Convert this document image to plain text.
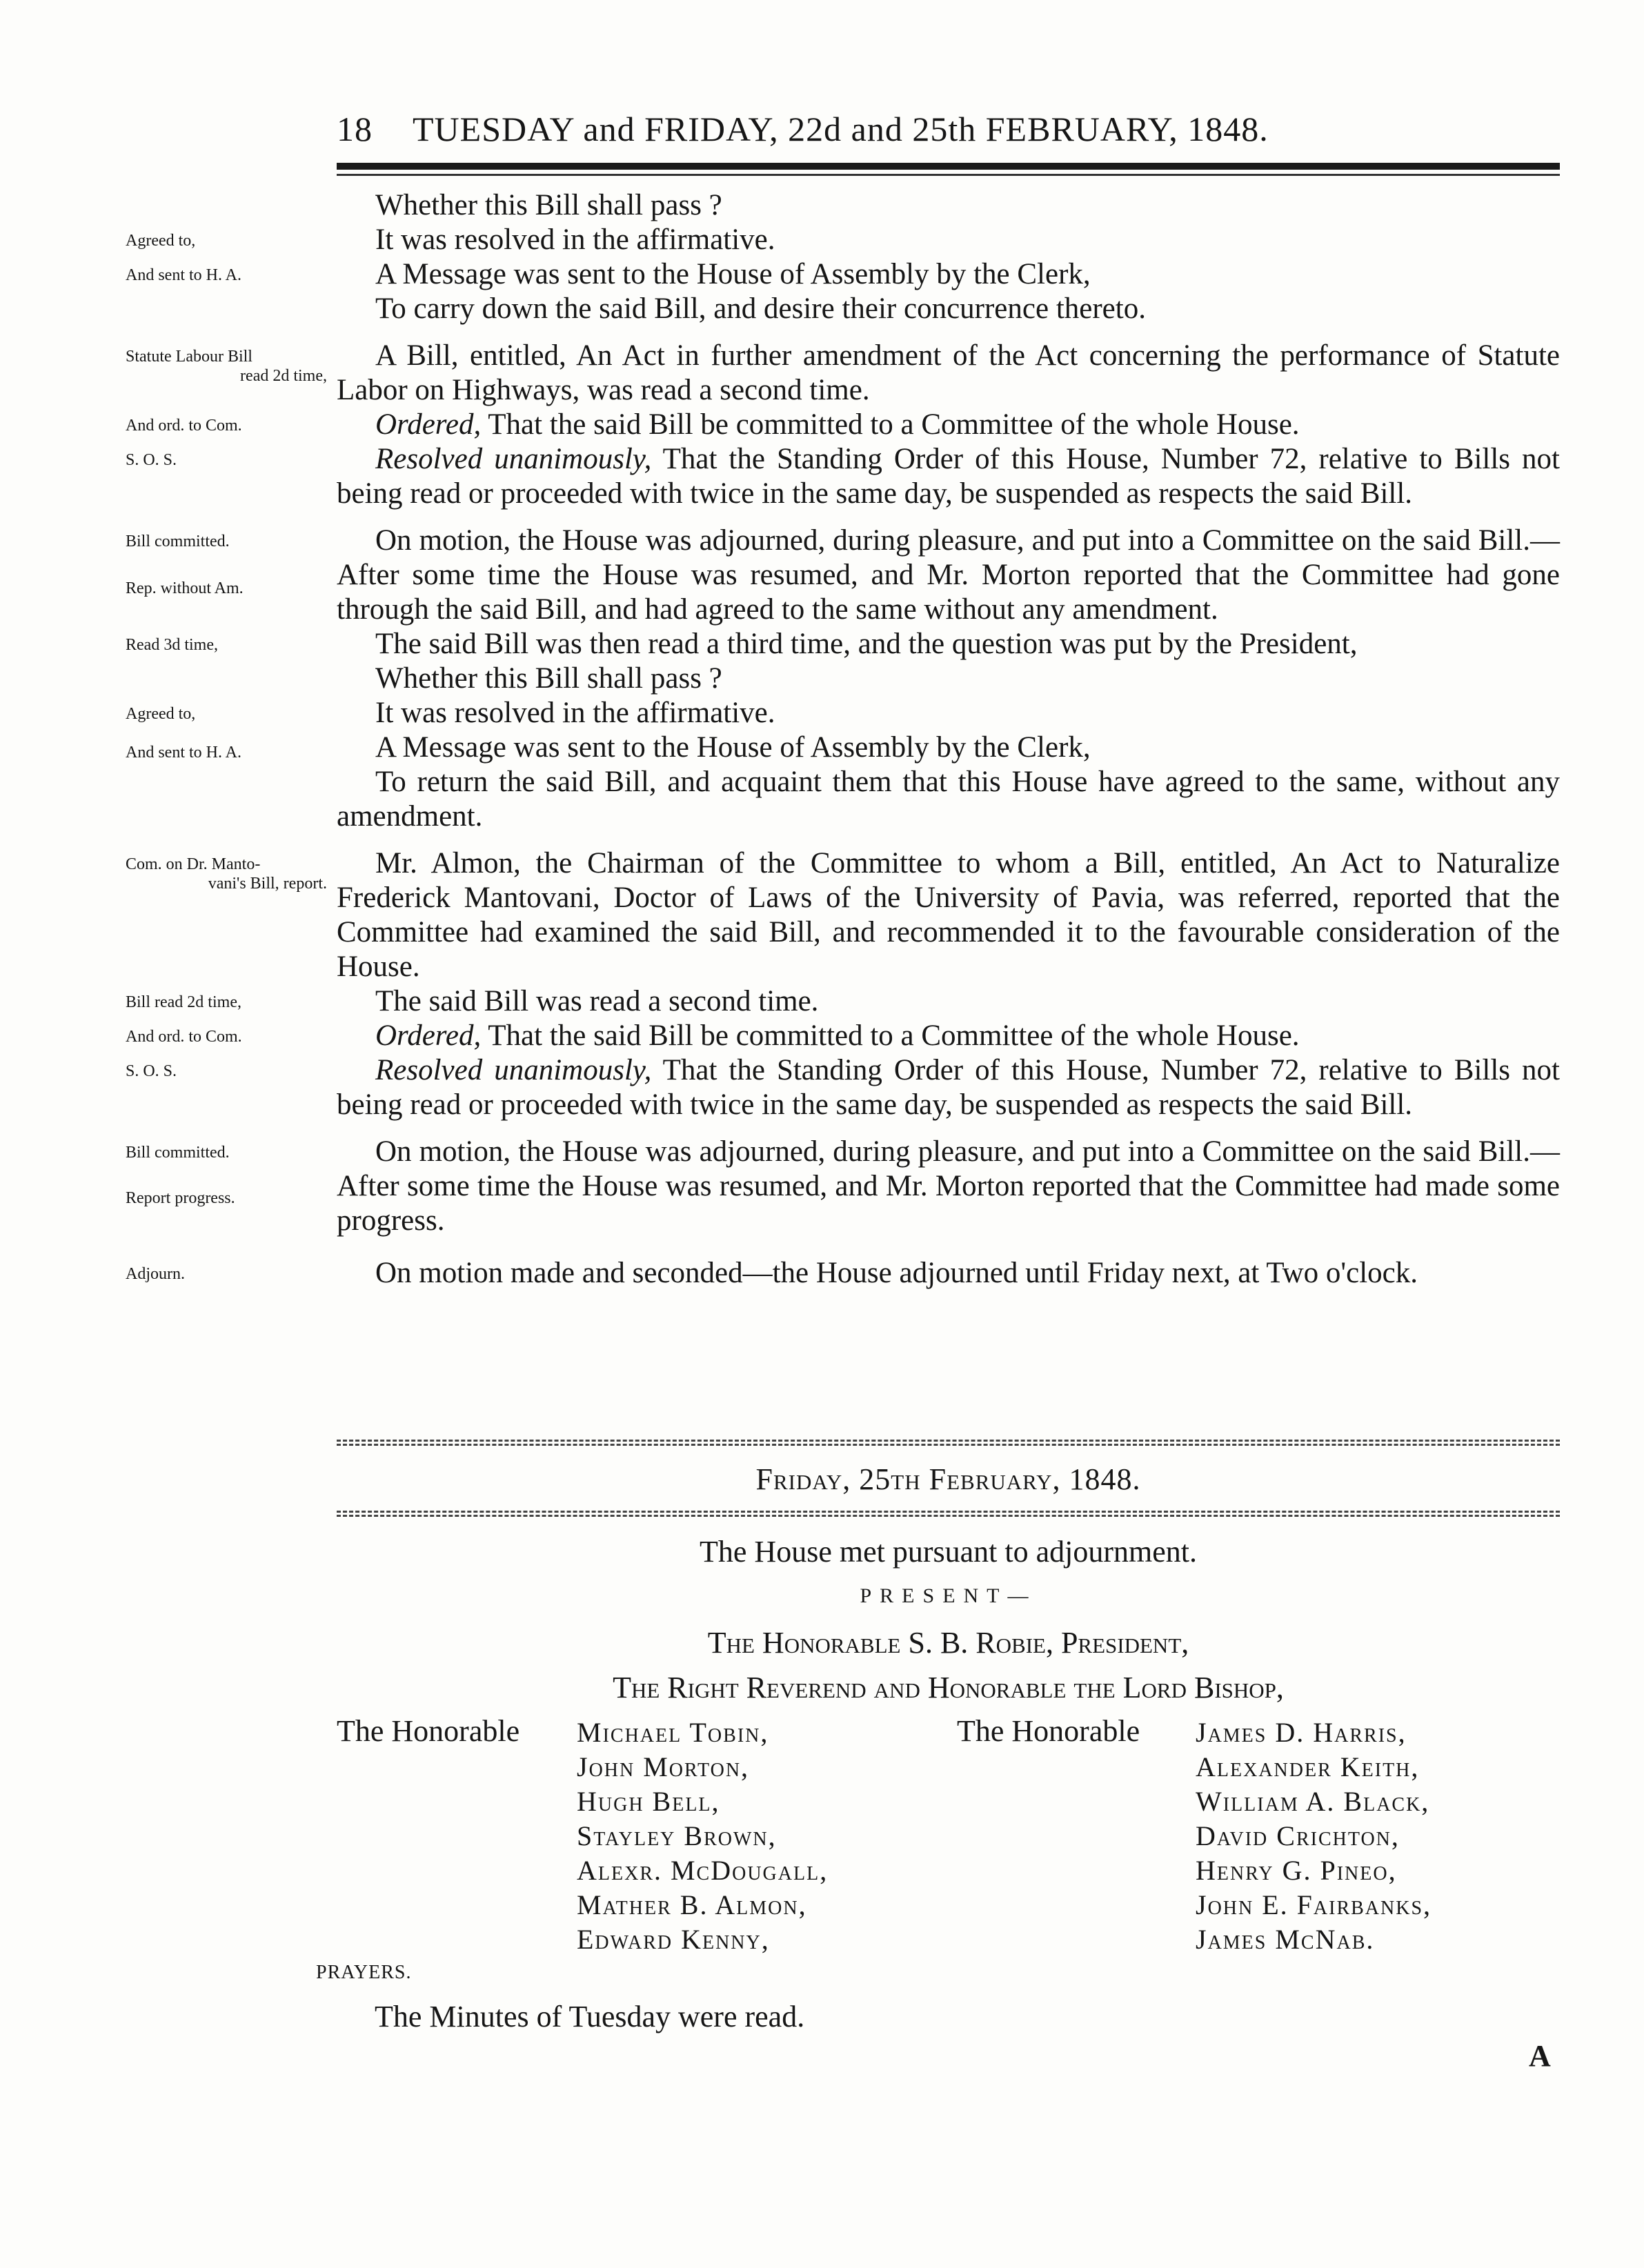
18 TUESDAY and FRIDAY, 22d and 25th FEBRUARY, 1848.

Whether this Bill shall pass ?

Agreed to,	It was resolved in the affirmative.

And sent to H. A.	A Message was sent to the House of Assembly by the Clerk,

To carry down the said Bill, and desire their concurrence thereto.

Statute Labour Bill
read 2d time,

A Bill, entitled, An Act in further amendment of the Act concerning the performance of Statute Labor on Highways, was read a second time.

And ord. to Com.	Ordered, That the said Bill be committed to a Committee of the whole House.

S. O. S.	Resolved unanimously, That the Standing Order of this House, Number 72, relative to Bills not being read or proceeded with twice in the same day, be suspended as respects the said Bill.

Bill committed.
Rep. without Am.

On motion, the House was adjourned, during pleasure, and put into a Committee on the said Bill.—After some time the House was resumed, and Mr. Morton reported that the Committee had gone through the said Bill, and had agreed to the same without any amendment.

Read 3d time,	The said Bill was then read a third time, and the question was put by the President,

Whether this Bill shall pass ?

Agreed to,	It was resolved in the affirmative.

And sent to H. A.	A Message was sent to the House of Assembly by the Clerk,

To return the said Bill, and acquaint them that this House have agreed to the same, without any amendment.

Com. on Dr. Manto-
vani's Bill, report.

Mr. Almon, the Chairman of the Committee to whom a Bill, entitled, An Act to Naturalize Frederick Mantovani, Doctor of Laws of the University of Pavia, was referred, reported that the Committee had examined the said Bill, and recommended it to the favourable consideration of the House.

Bill read 2d time,	The said Bill was read a second time.

And ord. to Com.	Ordered, That the said Bill be committed to a Committee of the whole House.

S. O. S.	Resolved unanimously, That the Standing Order of this House, Number 72, relative to Bills not being read or proceeded with twice in the same day, be suspended as respects the said Bill.

Bill committed.
Report progress.

On motion, the House was adjourned, during pleasure, and put into a Committee on the said Bill.—After some time the House was resumed, and Mr. Morton reported that the Committee had made some progress.

Adjourn.	On motion made and seconded—the House adjourned until Friday next, at Two o'clock.

Friday, 25th February, 1848.
The House met pursuant to adjournment.
PRESENT—
The Honorable S. B. Robie, President,
The Right Reverend and Honorable the Lord Bishop,
The Honorable Michael Tobin,
John Morton,
Hugh Bell,
Stayley Brown,
Alexr. McDougall,
Mather B. Almon,
Edward Kenny,
The Honorable James D. Harris,
Alexander Keith,
William A. Black,
David Crichton,
Henry G. Pineo,
John E. Fairbanks,
James McNab.
PRAYERS.
The Minutes of Tuesday were read.
A
